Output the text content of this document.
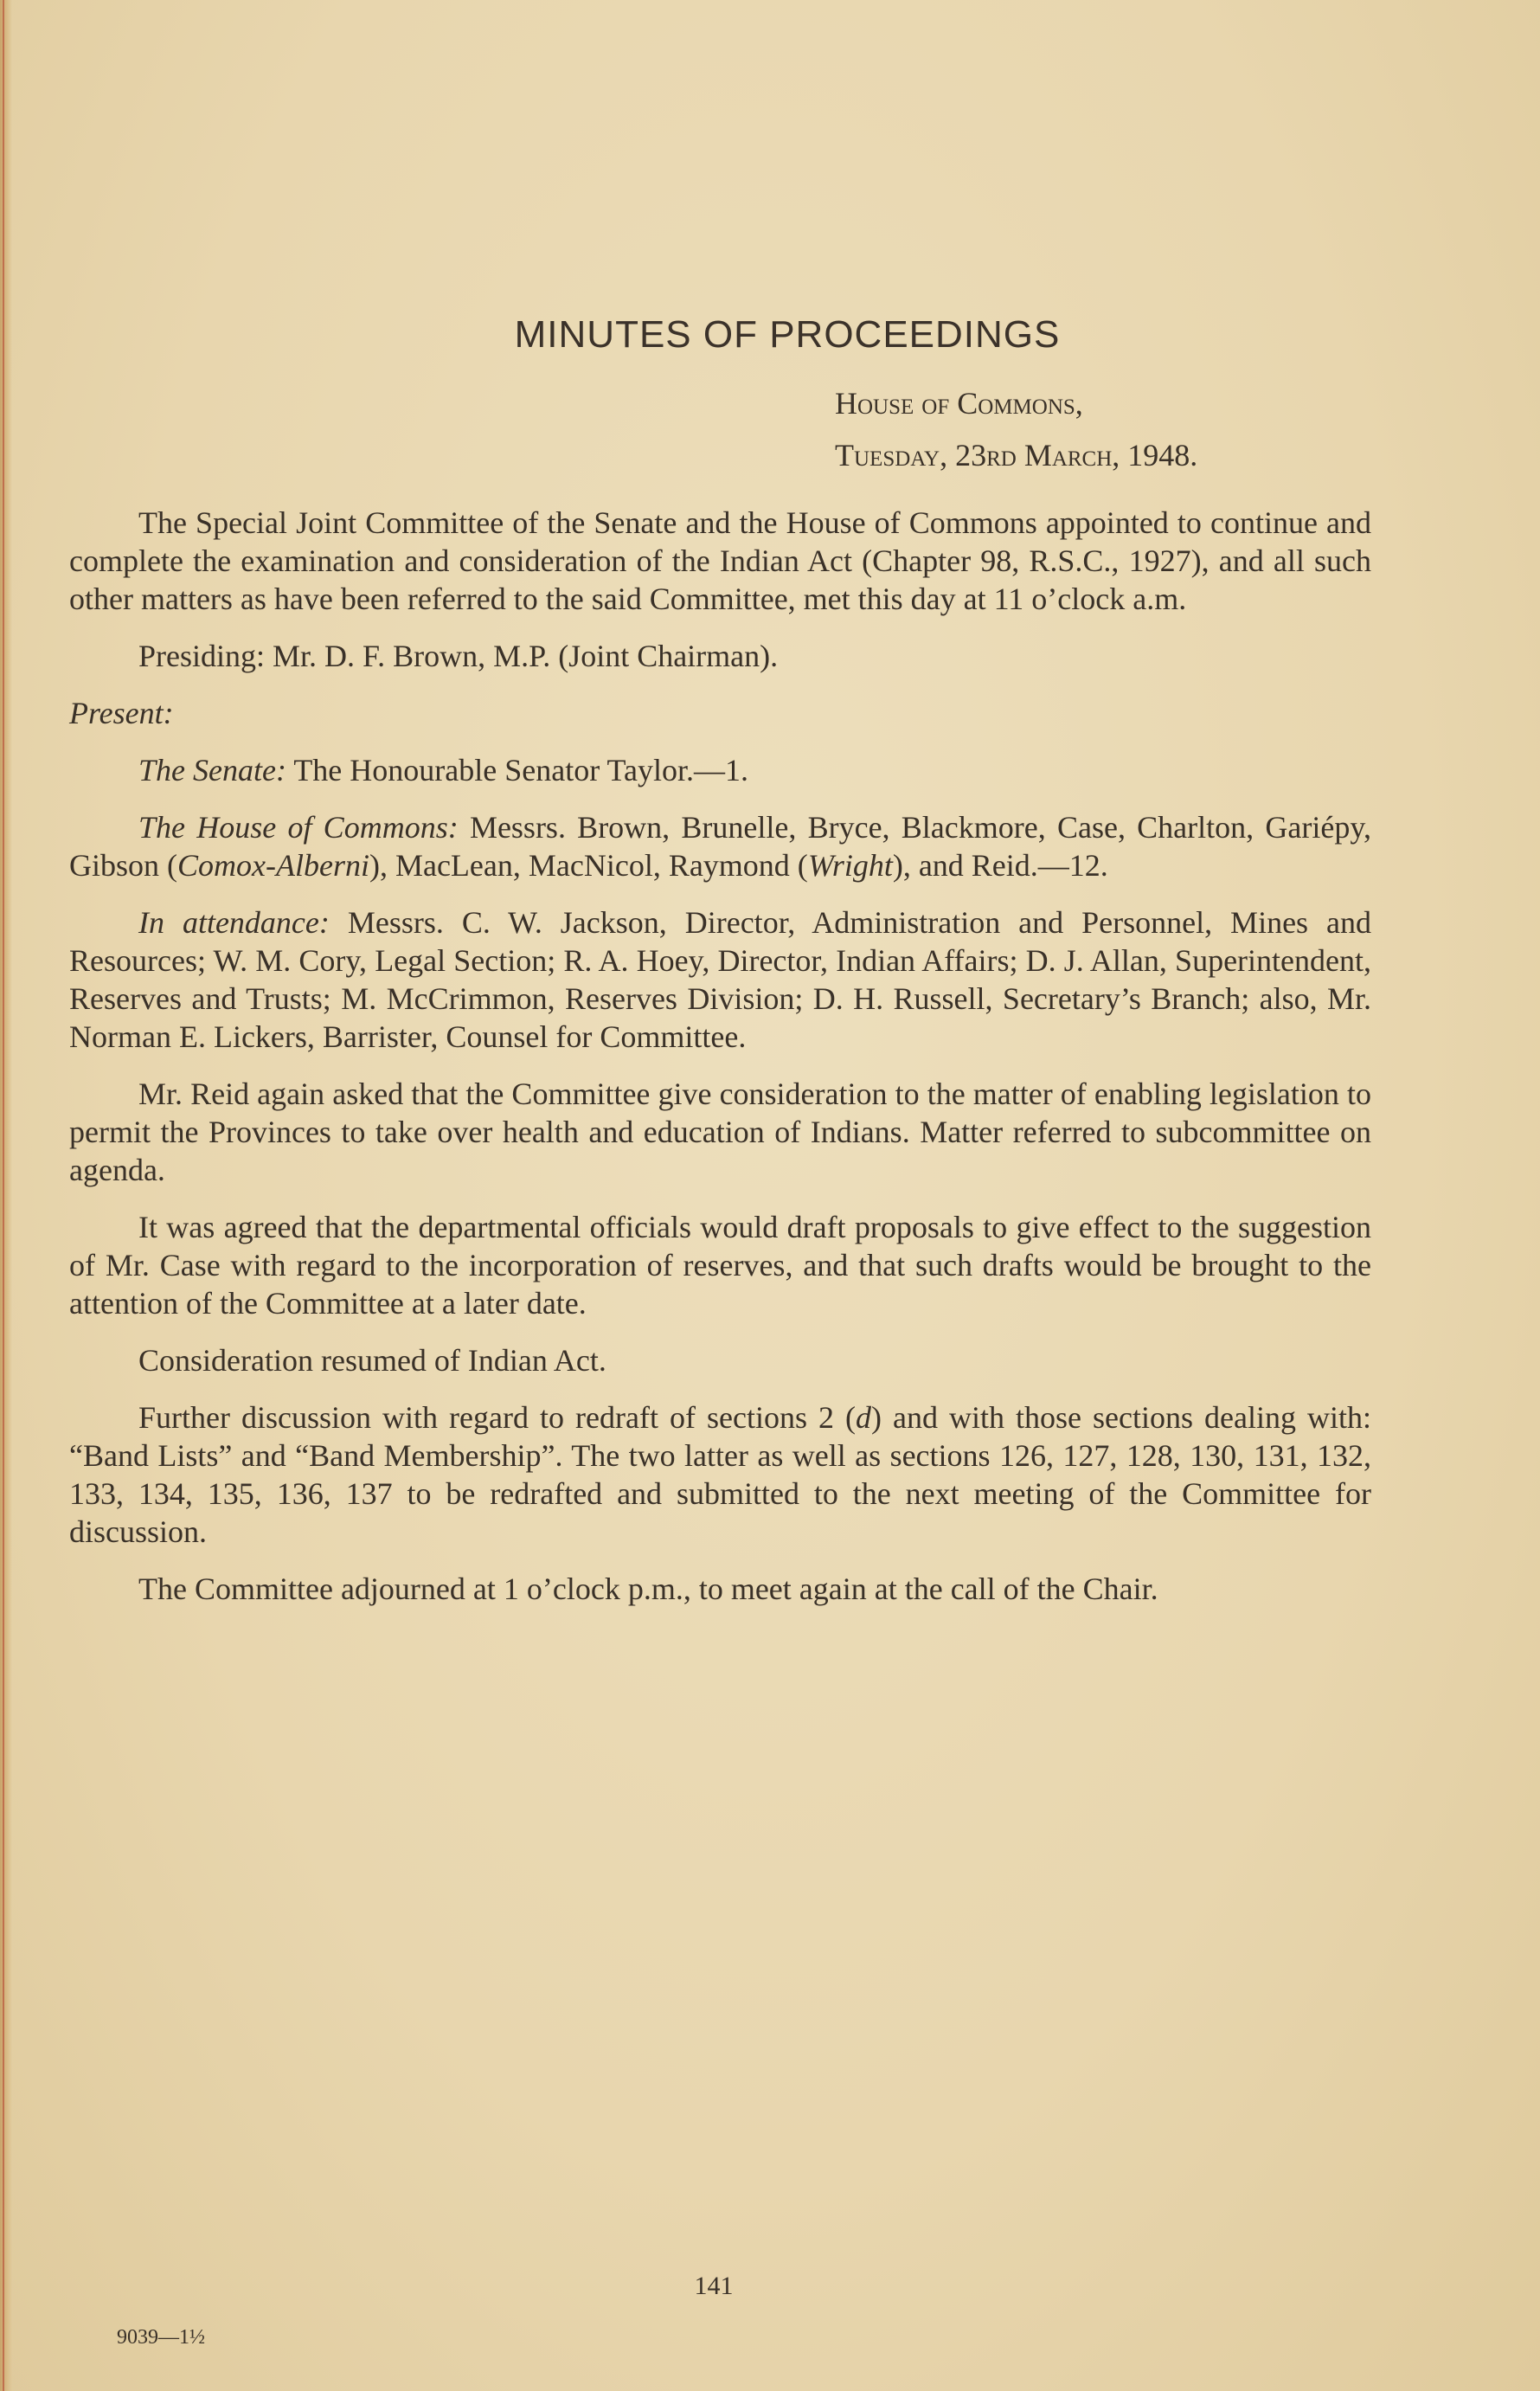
MINUTES OF PROCEEDINGS
House of Commons,
Tuesday, 23rd March, 1948.

The Special Joint Committee of the Senate and the House of Commons appointed to continue and complete the examination and consideration of the Indian Act (Chapter 98, R.S.C., 1927), and all such other matters as have been referred to the said Committee, met this day at 11 o’clock a.m.

Presiding: Mr. D. F. Brown, M.P. (Joint Chairman).

Present:

The Senate: The Honourable Senator Taylor.—1.

The House of Commons: Messrs. Brown, Brunelle, Bryce, Blackmore, Case, Charlton, Gariépy, Gibson (Comox-Alberni), MacLean, MacNicol, Raymond (Wright), and Reid.—12.

In attendance: Messrs. C. W. Jackson, Director, Administration and Personnel, Mines and Resources; W. M. Cory, Legal Section; R. A. Hoey, Director, Indian Affairs; D. J. Allan, Superintendent, Reserves and Trusts; M. McCrimmon, Reserves Division; D. H. Russell, Secretary’s Branch; also, Mr. Norman E. Lickers, Barrister, Counsel for Committee.

Mr. Reid again asked that the Committee give consideration to the matter of enabling legislation to permit the Provinces to take over health and education of Indians. Matter referred to subcommittee on agenda.

It was agreed that the departmental officials would draft proposals to give effect to the suggestion of Mr. Case with regard to the incorporation of reserves, and that such drafts would be brought to the attention of the Committee at a later date.

Consideration resumed of Indian Act.

Further discussion with regard to redraft of sections 2 (d) and with those sections dealing with: “Band Lists” and “Band Membership”. The two latter as well as sections 126, 127, 128, 130, 131, 132, 133, 134, 135, 136, 137 to be redrafted and submitted to the next meeting of the Committee for discussion.

The Committee adjourned at 1 o’clock p.m., to meet again at the call of the Chair.

141
9039—1½
